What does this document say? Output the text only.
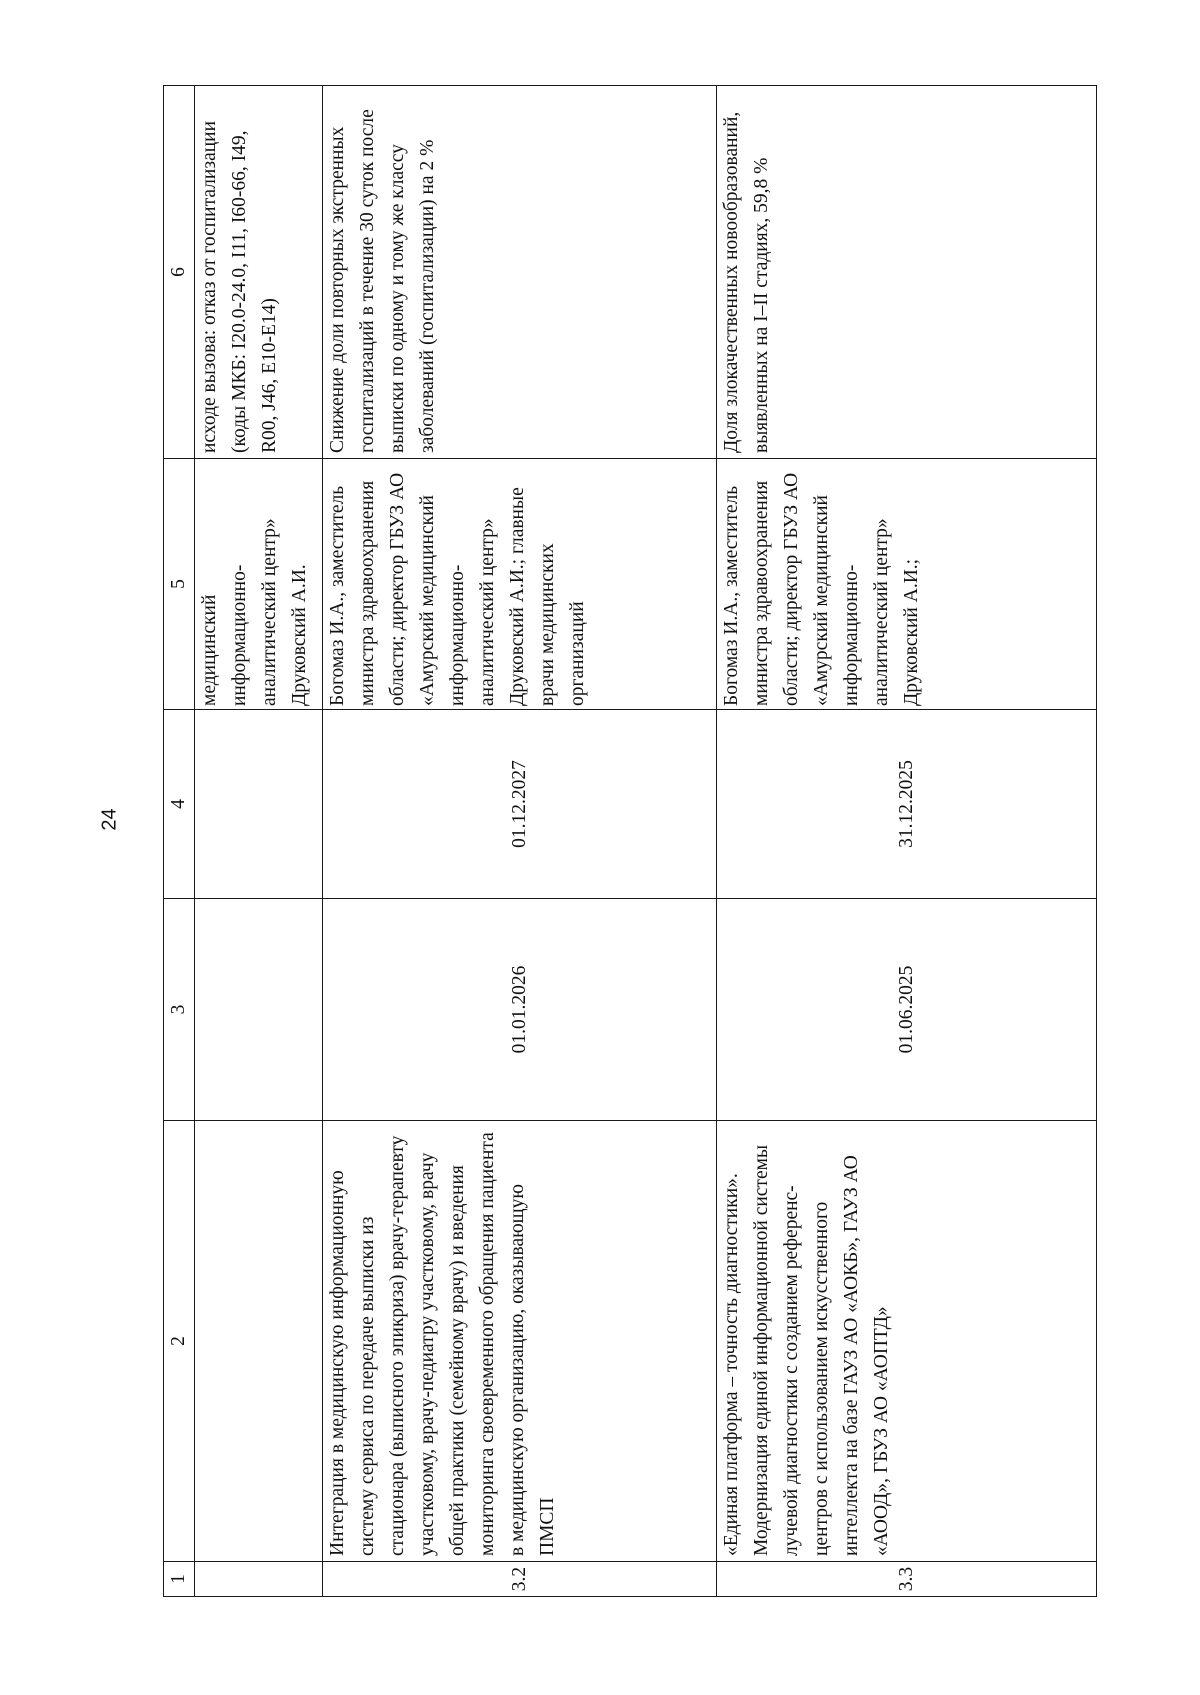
24
1	2	3	4	5	6
				медицинский информационно-аналитический центр» Друковский А.И.	исходе вызова: отказ от госпитализации (коды МКБ: I20.0-24.0, I11, I60-66, I49, R00, J46, E10-E14)
3.2	Интеграция в медицинскую информационную систему сервиса по передаче выписки из стационара (выписного эпикриза) врачу-терапевту участковому, врачу-педиатру участковому, врачу общей практики (семейному врачу) и введения мониторинга своевременного обращения пациента в медицинскую организацию, оказывающую ПМСП	01.01.2026	01.12.2027	Богомаз И.А., заместитель министра здравоохранения области; директор ГБУЗ АО «Амурский медицинский информационно-аналитический центр» Друковский А.И.; главные врачи медицинских организаций	Снижение доли повторных экстренных госпитализаций в течение 30 суток после выписки по одному и тому же классу заболеваний (госпитализации) на 2 %
3.3	«Единая платформа – точность диагностики». Модернизация единой информационной системы лучевой диагностики с созданием референс-центров с использованием искусственного интеллекта на базе ГАУЗ АО «АОКБ», ГАУЗ АО «АООД», ГБУЗ АО «АОПТД»	01.06.2025	31.12.2025	Богомаз И.А., заместитель министра здравоохранения области; директор ГБУЗ АО «Амурский медицинский информационно-аналитический центр» Друковский А.И.;	Доля злокачественных новообразований, выявленных на I–II стадиях, 59,8 %
